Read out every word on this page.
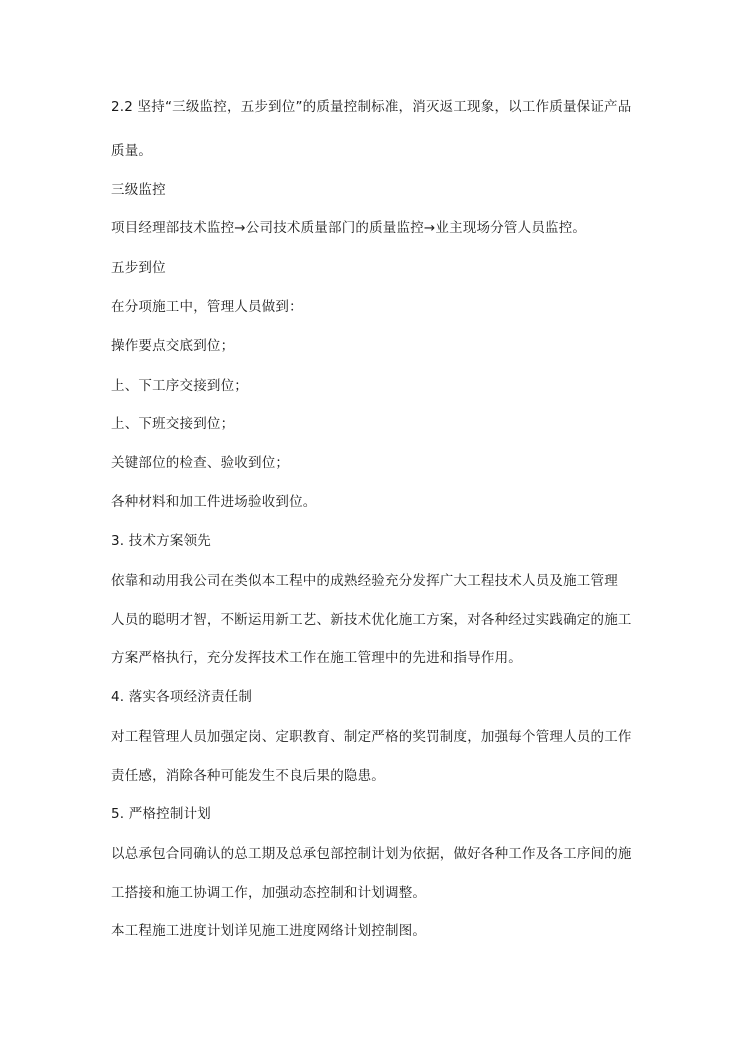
2.2 坚持“三级监控，五步到位”的质量控制标准，消灭返工现象，以工作质量保证产品
质量。
三级监控
项目经理部技术监控→公司技术质量部门的质量监控→业主现场分管人员监控。
五步到位
在分项施工中，管理人员做到：
操作要点交底到位；
上、下工序交接到位；
上、下班交接到位；
关键部位的检查、验收到位；
各种材料和加工件进场验收到位。
3. 技术方案领先
依靠和动用我公司在类似本工程中的成熟经验充分发挥广大工程技术人员及施工管理
人员的聪明才智，不断运用新工艺、新技术优化施工方案，对各种经过实践确定的施工
方案严格执行，充分发挥技术工作在施工管理中的先进和指导作用。
4. 落实各项经济责任制
对工程管理人员加强定岗、定职教育、制定严格的奖罚制度，加强每个管理人员的工作
责任感，消除各种可能发生不良后果的隐患。
5. 严格控制计划
以总承包合同确认的总工期及总承包部控制计划为依据，做好各种工作及各工序间的施
工搭接和施工协调工作，加强动态控制和计划调整。
本工程施工进度计划详见施工进度网络计划控制图。
